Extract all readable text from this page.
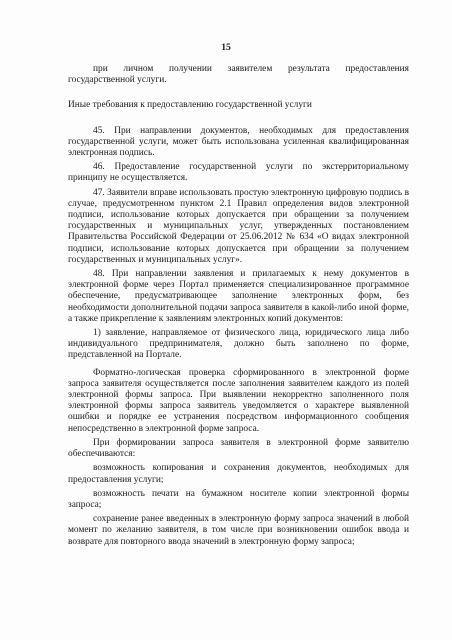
15

при личном получении заявителем результата предоставления государственной услуги.

Иные требования к предоставлению государственной услуги

45. При направлении документов, необходимых для предоставления государственной услуги, может быть использована усиленная квалифицированная электронная подпись.

46. Предоставление государственной услуги по экстерриториальному принципу не осуществляется.

47. Заявители вправе использовать простую электронную цифровую подпись в случае, предусмотренном пунктом 2.1 Правил определения видов электронной подписи, использование которых допускается при обращении за получением государственных и муниципальных услуг, утвержденных постановлением Правительства Российской Федерации от 25.06.2012 № 634 «О видах электронной подписи, использование которых допускается при обращении за получением государственных и муниципальных услуг».

48. При направлении заявления и прилагаемых к нему документов в электронной форме через Портал применяется специализированное программное обеспечение, предусматривающее заполнение электронных форм, без необходимости дополнительной подачи запроса заявителя в какой-либо иной форме, а также прикрепление к заявлениям электронных копий документов:

1) заявление, направляемое от физического лица, юридического лица либо индивидуального предпринимателя, должно быть заполнено по форме, представленной на Портале.

Форматно-логическая проверка сформированного в электронной форме запроса заявителя осуществляется после заполнения заявителем каждого из полей электронной формы запроса. При выявлении некорректно заполненного поля электронной формы запроса заявитель уведомляется о характере выявленной ошибки и порядке ее устранения посредством информационного сообщения непосредственно в электронной форме запроса.

При формировании запроса заявителя в электронной форме заявителю обеспечиваются:

возможность копирования и сохранения документов, необходимых для предоставления услуги;

возможность печати на бумажном носителе копии электронной формы запроса;

сохранение ранее введенных в электронную форму запроса значений в любой момент по желанию заявителя, в том числе при возникновении ошибок ввода и возврате для повторного ввода значений в электронную форму запроса;
